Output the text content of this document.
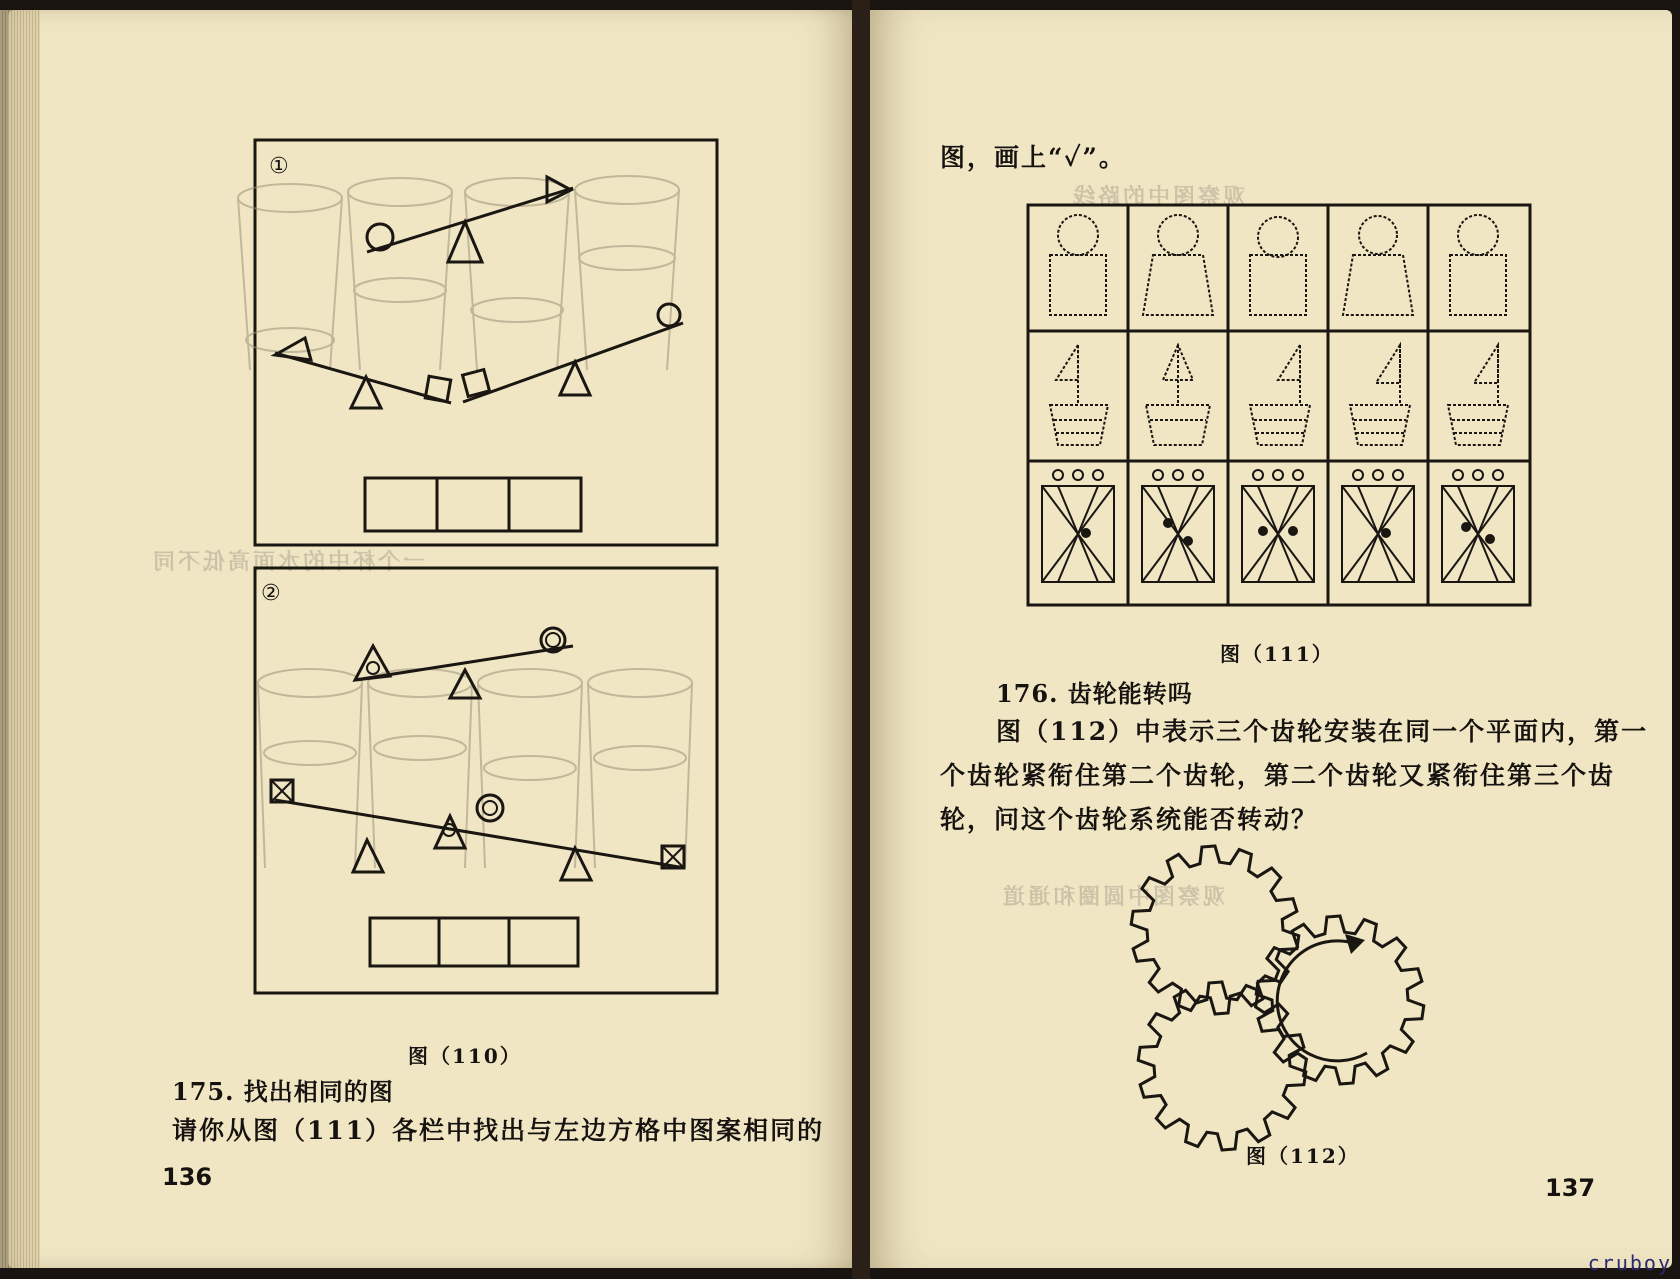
一个杯中的水面高低不同
观察图中的路线
观察图中圆圈和通道
①
②
图（110）
175. 找出相同的图
请你从图（111）各栏中找出与左边方格中图案相同的
136
图，画上“✓”。
图（111）
176. 齿轮能转吗
图（112）中表示三个齿轮安装在同一个平面内，第一
个齿轮紧衔住第二个齿轮，第二个齿轮又紧衔住第三个齿
轮，问这个齿轮系统能否转动？
图（112）
137
cruboy
